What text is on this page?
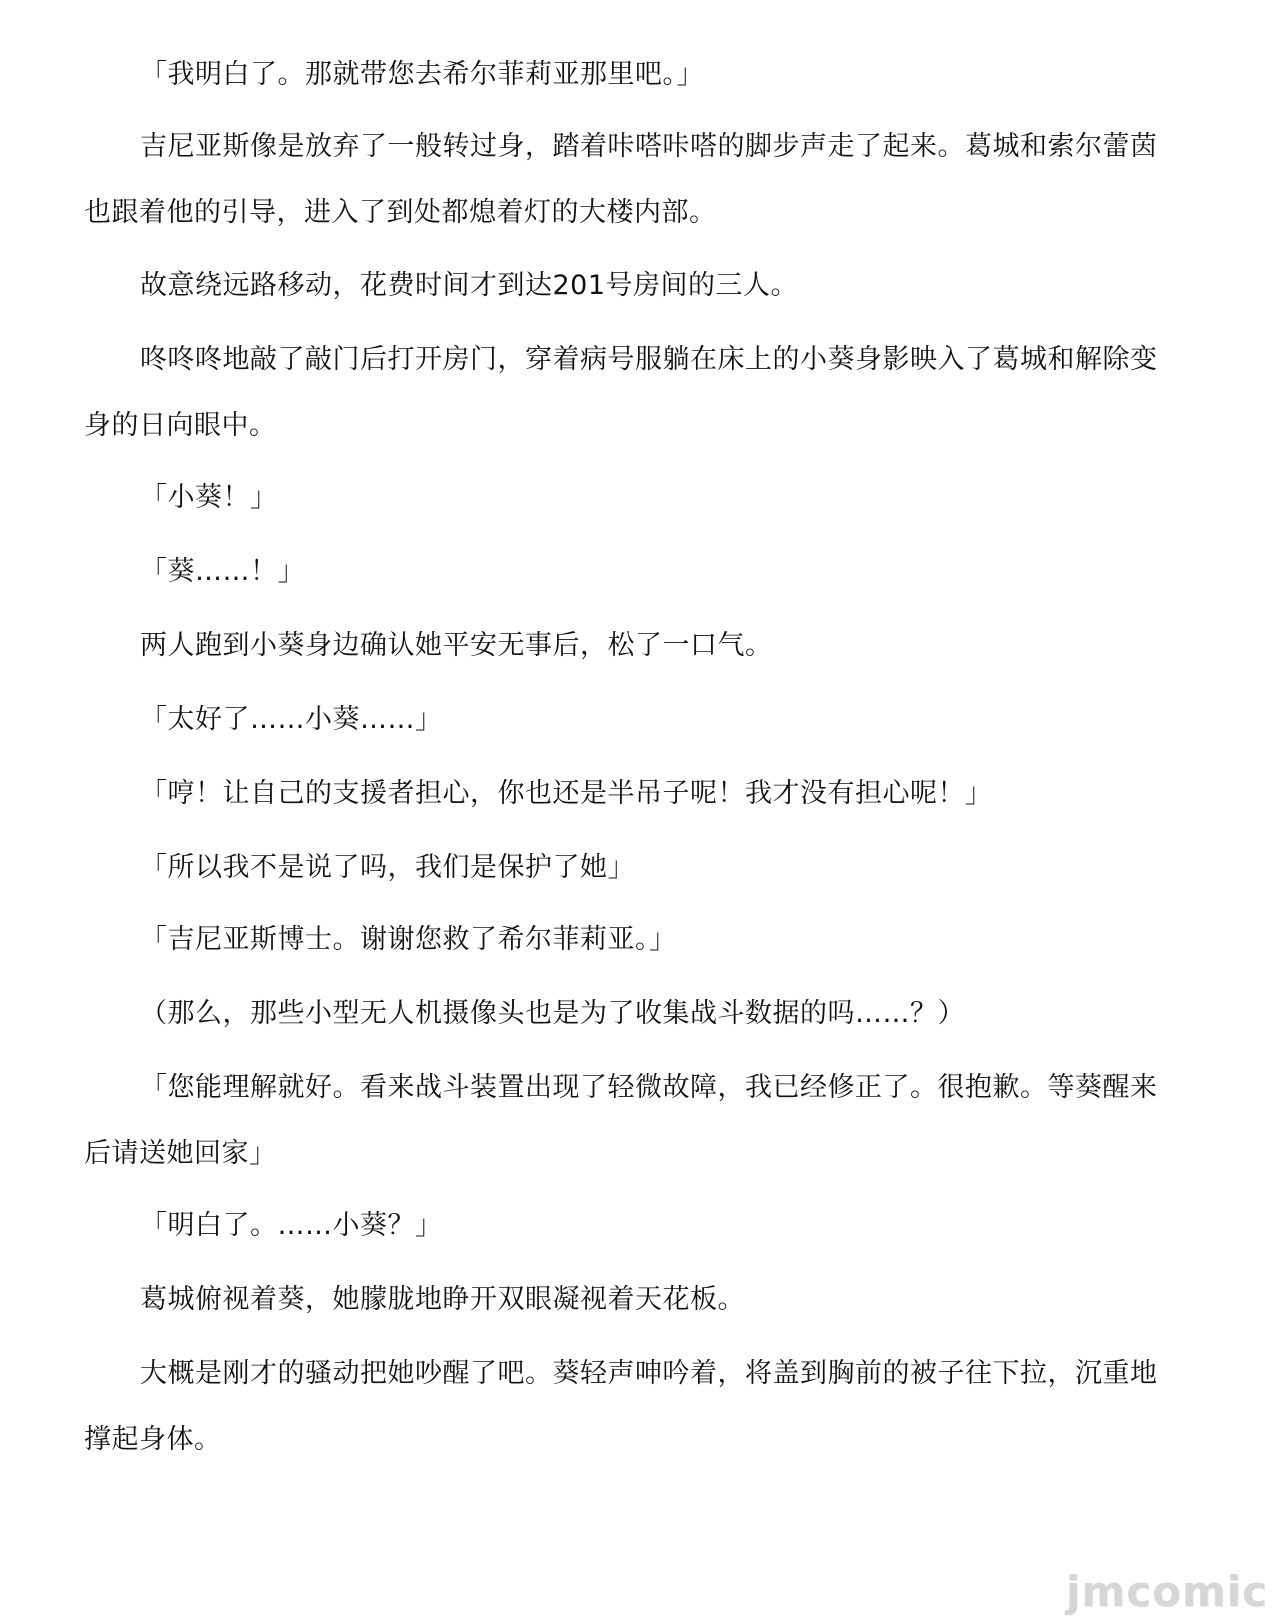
「我明白了。那就带您去希尔菲莉亚那里吧。」
吉尼亚斯像是放弃了一般转过身，踏着咔嗒咔嗒的脚步声走了起来。葛城和索尔蕾茵
也跟着他的引导，进入了到处都熄着灯的大楼内部。
故意绕远路移动，花费时间才到达201号房间的三人。
咚咚咚地敲了敲门后打开房门，穿着病号服躺在床上的小葵身影映入了葛城和解除变
身的日向眼中。
「小葵！」
「葵……！」
两人跑到小葵身边确认她平安无事后，松了一口气。
「太好了……小葵……」
「哼！让自己的支援者担心，你也还是半吊子呢！我才没有担心呢！」
「所以我不是说了吗，我们是保护了她」
「吉尼亚斯博士。谢谢您救了希尔菲莉亚。」
（那么，那些小型无人机摄像头也是为了收集战斗数据的吗……？）
「您能理解就好。看来战斗装置出现了轻微故障，我已经修正了。很抱歉。等葵醒来
后请送她回家」
「明白了。……小葵？」
葛城俯视着葵，她朦胧地睁开双眼凝视着天花板。
大概是刚才的骚动把她吵醒了吧。葵轻声呻吟着，将盖到胸前的被子往下拉，沉重地
撑起身体。
jmcomic
